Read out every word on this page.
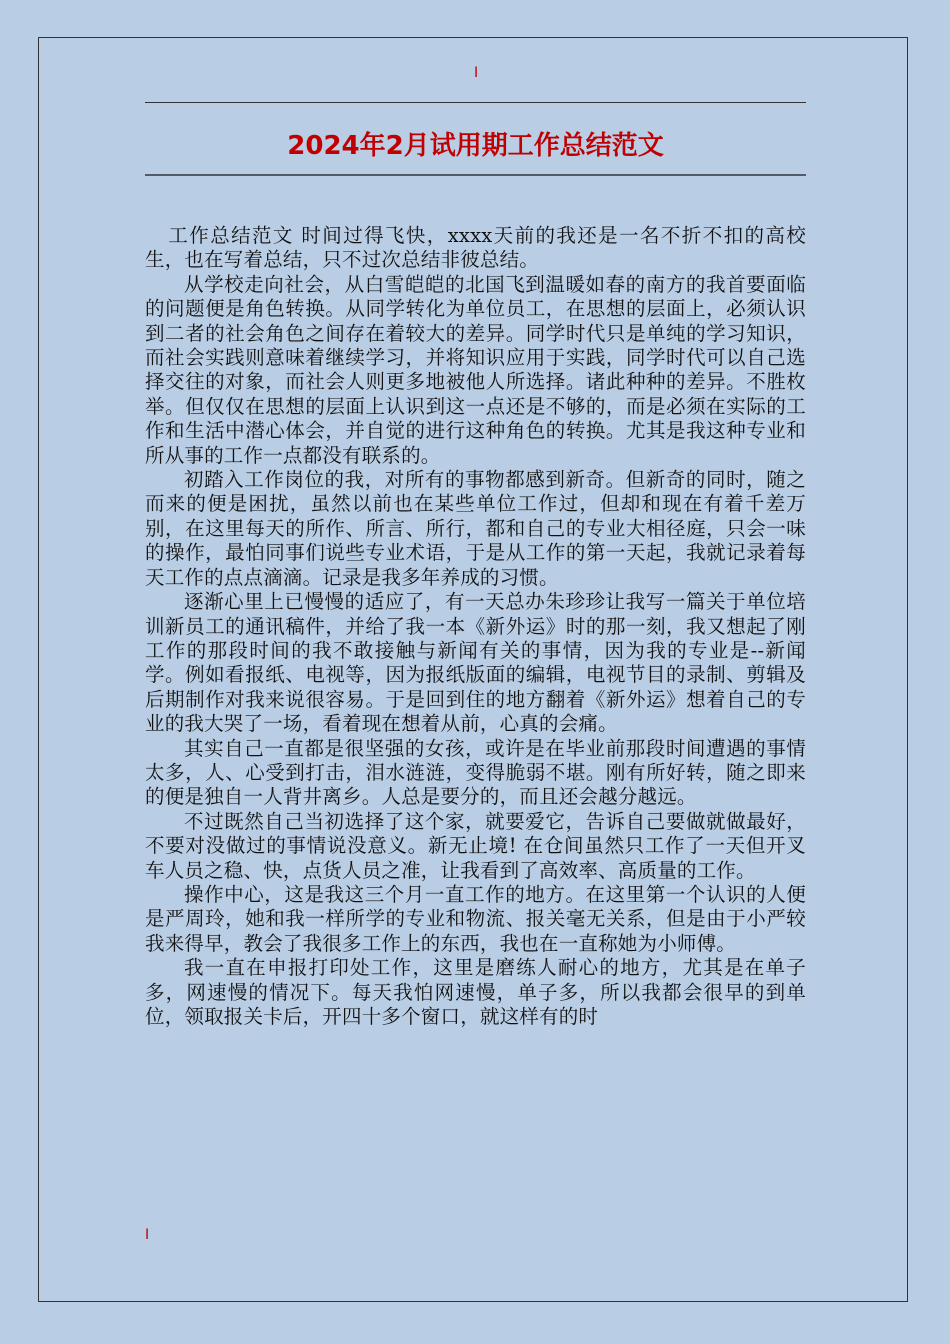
I
2024年2月试用期工作总结范文

工作总结范文 时间过得飞快，xxxx天前的我还是一名不折不扣的高校生，也在写着总结，只不过次总结非彼总结。

从学校走向社会，从白雪皑皑的北国飞到温暖如春的南方的我首要面临的问题便是角色转换。从同学转化为单位员工，在思想的层面上，必须认识到二者的社会角色之间存在着较大的差异。同学时代只是单纯的学习知识，而社会实践则意味着继续学习，并将知识应用于实践，同学时代可以自己选择交往的对象，而社会人则更多地被他人所选择。诸此种种的差异。不胜枚举。但仅仅在思想的层面上认识到这一点还是不够的，而是必须在实际的工作和生活中潜心体会，并自觉的进行这种角色的转换。尤其是我这种专业和所从事的工作一点都没有联系的。

初踏入工作岗位的我，对所有的事物都感到新奇。但新奇的同时，随之而来的便是困扰，虽然以前也在某些单位工作过，但却和现在有着千差万别，在这里每天的所作、所言、所行，都和自己的专业大相径庭，只会一味的操作，最怕同事们说些专业术语，于是从工作的第一天起，我就记录着每天工作的点点滴滴。记录是我多年养成的习惯。

逐渐心里上已慢慢的适应了，有一天总办朱珍珍让我写一篇关于单位培训新员工的通讯稿件，并给了我一本《新外运》时的那一刻，我又想起了刚工作的那段时间的我不敢接触与新闻有关的事情，因为我的专业是--新闻学。例如看报纸、电视等，因为报纸版面的编辑，电视节目的录制、剪辑及后期制作对我来说很容易。于是回到住的地方翻着《新外运》想着自己的专业的我大哭了一场，看着现在想着从前，心真的会痛。

其实自己一直都是很坚强的女孩，或许是在毕业前那段时间遭遇的事情太多，人、心受到打击，泪水涟涟，变得脆弱不堪。刚有所好转，随之即来的便是独自一人背井离乡。人总是要分的，而且还会越分越远。

不过既然自己当初选择了这个家，就要爱它，告诉自己要做就做最好，不要对没做过的事情说没意义。新无止境! 在仓间虽然只工作了一天但开叉车人员之稳、快，点货人员之准，让我看到了高效率、高质量的工作。

操作中心，这是我这三个月一直工作的地方。在这里第一个认识的人便是严周玲，她和我一样所学的专业和物流、报关毫无关系，但是由于小严较我来得早，教会了我很多工作上的东西，我也在一直称她为小师傅。

我一直在申报打印处工作，这里是磨练人耐心的地方，尤其是在单子多，网速慢的情况下。每天我怕网速慢，单子多，所以我都会很早的到单位，领取报关卡后，开四十多个窗口，就这样有的时

I
